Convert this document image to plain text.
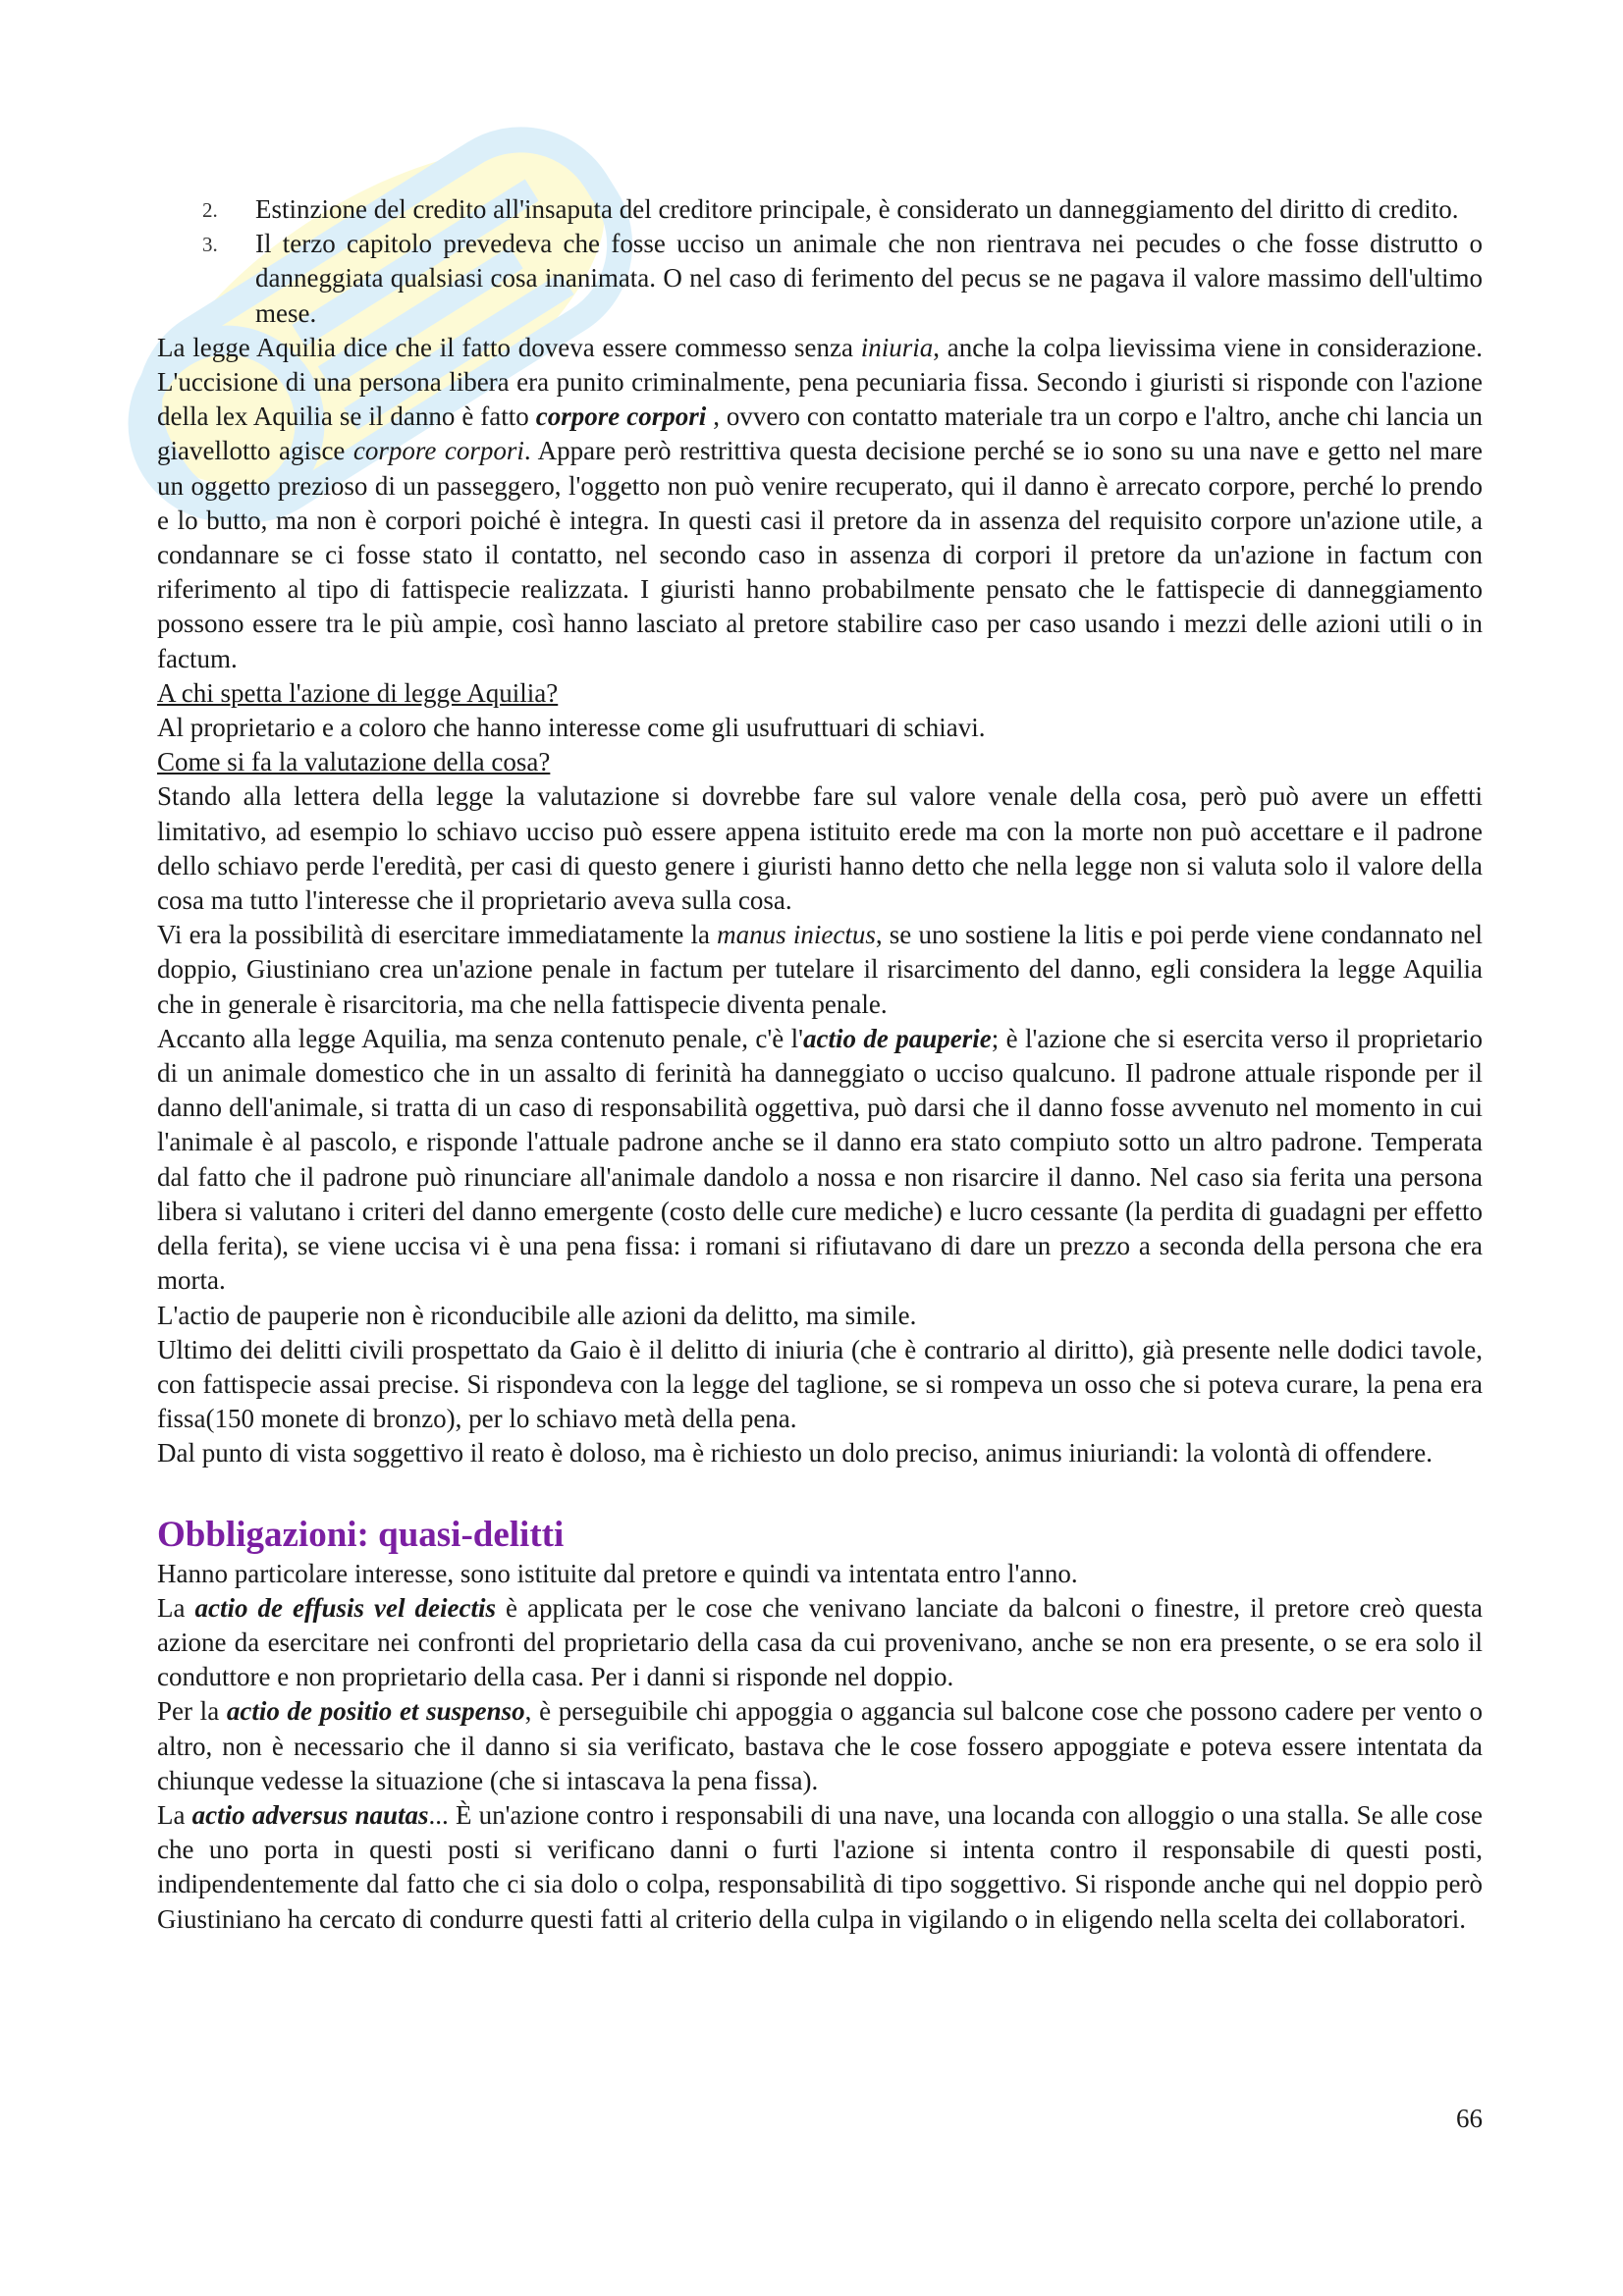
2. Estinzione del credito all'insaputa del creditore principale, è considerato un danneggiamento del diritto di credito.
3. Il terzo capitolo prevedeva che fosse ucciso un animale che non rientrava nei pecudes o che fosse distrutto o danneggiata qualsiasi cosa inanimata. O nel caso di ferimento del pecus se ne pagava il valore massimo dell'ultimo mese.

La legge Aquilia dice che il fatto doveva essere commesso senza iniuria, anche la colpa lievissima viene in considerazione. L'uccisione di una persona libera era punito criminalmente, pena pecuniaria fissa. Secondo i giuristi si risponde con l'azione della lex Aquilia se il danno è fatto corpore corpori , ovvero con contatto materiale tra un corpo e l'altro, anche chi lancia un giavellotto agisce corpore corpori. Appare però restrittiva questa decisione perché se io sono su una nave e getto nel mare un oggetto prezioso di un passeggero, l'oggetto non può venire recuperato, qui il danno è arrecato corpore, perché lo prendo e lo butto, ma non è corpori poiché è integra. In questi casi il pretore da in assenza del requisito corpore un'azione utile, a condannare se ci fosse stato il contatto, nel secondo caso in assenza di corpori il pretore da un'azione in factum con riferimento al tipo di fattispecie realizzata. I giuristi hanno probabilmente pensato che le fattispecie di danneggiamento possono essere tra le più ampie, così hanno lasciato al pretore stabilire caso per caso usando i mezzi delle azioni utili o in factum.

A chi spetta l'azione di legge Aquilia?

Al proprietario e a coloro che hanno interesse come gli usufruttuari di schiavi.

Come si fa la valutazione della cosa?

Stando alla lettera della legge la valutazione si dovrebbe fare sul valore venale della cosa, però può avere un effetti limitativo, ad esempio lo schiavo ucciso può essere appena istituito erede ma con la morte non può accettare e il padrone dello schiavo perde l'eredità, per casi di questo genere i giuristi hanno detto che nella legge non si valuta solo il valore della cosa ma tutto l'interesse che il proprietario aveva sulla cosa.

Vi era la possibilità di esercitare immediatamente la manus iniectus, se uno sostiene la litis e poi perde viene condannato nel doppio, Giustiniano crea un'azione penale in factum per tutelare il risarcimento del danno, egli considera la legge Aquilia che in generale è risarcitoria, ma che nella fattispecie diventa penale.

Accanto alla legge Aquilia, ma senza contenuto penale, c'è l'actio de pauperie; è l'azione che si esercita verso il proprietario di un animale domestico che in un assalto di ferinità ha danneggiato o ucciso qualcuno. Il padrone attuale risponde per il danno dell'animale, si tratta di un caso di responsabilità oggettiva, può darsi che il danno fosse avvenuto nel momento in cui l'animale è al pascolo, e risponde l'attuale padrone anche se il danno era stato compiuto sotto un altro padrone. Temperata dal fatto che il padrone può rinunciare all'animale dandolo a nossa e non risarcire il danno. Nel caso sia ferita una persona libera si valutano i criteri del danno emergente (costo delle cure mediche) e lucro cessante (la perdita di guadagni per effetto della ferita), se viene uccisa vi è una pena fissa: i romani si rifiutavano di dare un prezzo a seconda della persona che era morta.

L'actio de pauperie non è riconducibile alle azioni da delitto, ma simile.

Ultimo dei delitti civili prospettato da Gaio è il delitto di iniuria (che è contrario al diritto), già presente nelle dodici tavole, con fattispecie assai precise. Si rispondeva con la legge del taglione, se si rompeva un osso che si poteva curare, la pena era fissa(150 monete di bronzo), per lo schiavo metà della pena.

Dal punto di vista soggettivo il reato è doloso, ma è richiesto un dolo preciso, animus iniuriandi: la volontà di offendere.

Obbligazioni: quasi-delitti

Hanno particolare interesse, sono istituite dal pretore e quindi va intentata entro l'anno.

La actio de effusis vel deiectis è applicata per le cose che venivano lanciate da balconi o finestre, il pretore creò questa azione da esercitare nei confronti del proprietario della casa da cui provenivano, anche se non era presente, o se era solo il conduttore e non proprietario della casa. Per i danni si risponde nel doppio.

Per la actio de positio et suspenso, è perseguibile chi appoggia o aggancia sul balcone cose che possono cadere per vento o altro, non è necessario che il danno si sia verificato, bastava che le cose fossero appoggiate e poteva essere intentata da chiunque vedesse la situazione (che si intascava la pena fissa).

La actio adversus nautas... È un'azione contro i responsabili di una nave, una locanda con alloggio o una stalla. Se alle cose che uno porta in questi posti si verificano danni o furti l'azione si intenta contro il responsabile di questi posti, indipendentemente dal fatto che ci sia dolo o colpa, responsabilità di tipo soggettivo. Si risponde anche qui nel doppio però Giustiniano ha cercato di condurre questi fatti al criterio della culpa in vigilando o in eligendo nella scelta dei collaboratori.

66
